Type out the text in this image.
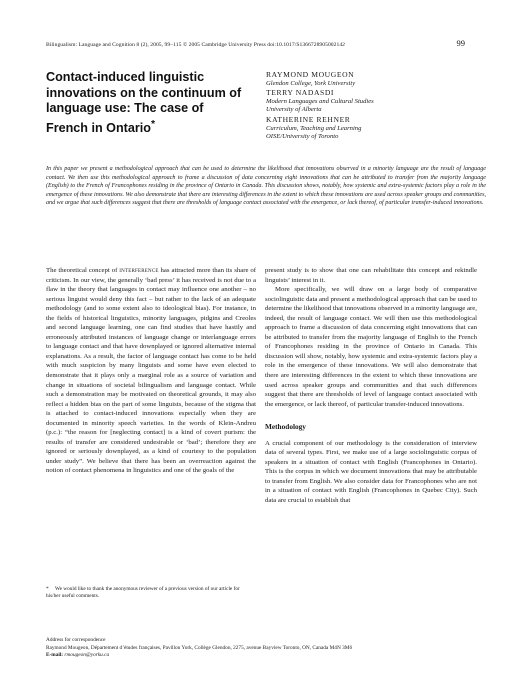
Bilingualism: Language and Cognition 8 (2), 2005, 99–115 © 2005 Cambridge University Press doi:10.1017/S1366728905002142	99
Contact-induced linguistic innovations on the continuum of language use: The case of French in Ontario*
RAYMOND MOUGEON
Glendon College, York University
TERRY NADASDI
Modern Languages and Cultural Studies
University of Alberta
KATHERINE REHNER
Curriculum, Teaching and Learning
OISE/University of Toronto
In this paper we present a methodological approach that can be used to determine the likelihood that innovations observed in a minority language are the result of language contact. We then use this methodological approach to frame a discussion of data concerning eight innovations that can be attributed to transfer from the majority language (English) to the French of Francophones residing in the province of Ontario in Canada. This discussion shows, notably, how systemic and extra-systemic factors play a role in the emergence of these innovations. We also demonstrate that there are interesting differences in the extent to which these innovations are used across speaker groups and communities, and we argue that such differences suggest that there are thresholds of language contact associated with the emergence, or lack thereof, of particular transfer-induced innovations.

The theoretical concept of interference has attracted more than its share of criticism. In our view, the generally ‘bad press’ it has received is not due to a flaw in the theory that languages in contact may influence one another – no serious linguist would deny this fact – but rather to the lack of an adequate methodology (and to some extent also to ideological bias). For instance, in the fields of historical linguistics, minority languages, pidgins and Creoles and second language learning, one can find studies that have hastily and erroneously attributed instances of language change or interlanguage errors to language contact and that have downplayed or ignored alternative internal explanations. As a result, the factor of language contact has come to be held with much suspicion by many linguists and some have even elected to demonstrate that it plays only a marginal role as a source of variation and change in situations of societal bilingualism and language contact. While such a demonstration may be motivated on theoretical grounds, it may also reflect a hidden bias on the part of some linguists, because of the stigma that is attached to contact-induced innovations especially when they are documented in minority speech varieties. In the words of Klein-Andreu (p.c.): “the reason for [neglecting contact] is a kind of covert purism: the results of transfer are considered undesirable or ‘bad’; therefore they are ignored or seriously downplayed, as a kind of courtesy to the population under study”. We believe that there has been an overreaction against the notion of contact phenomena in linguistics and one of the goals of the

present study is to show that one can rehabilitate this concept and rekindle linguists’ interest in it.

More specifically, we will draw on a large body of comparative sociolinguistic data and present a methodological approach that can be used to determine the likelihood that innovations observed in a minority language are, indeed, the result of language contact. We will then use this methodological approach to frame a discussion of data concerning eight innovations that can be attributed to transfer from the majority language of English to the French of Francophones residing in the province of Ontario in Canada. This discussion will show, notably, how systemic and extra-systemic factors play a role in the emergence of these innovations. We will also demonstrate that there are interesting differences in the extent to which these innovations are used across speaker groups and communities and that such differences suggest that there are thresholds of level of language contact associated with the emergence, or lack thereof, of particular transfer-induced innovations.

Methodology

A crucial component of our methodology is the consideration of interview data of several types. First, we make use of a large sociolinguistic corpus of speakers in a situation of contact with English (Francophones in Ontario). This is the corpus in which we document innovations that may be attributable to transfer from English. We also consider data for Francophones who are not in a situation of contact with English (Francophones in Quebec City). Such data are crucial to establish that

* We would like to thank the anonymous reviewer of a previous version of our article for his/her useful comments.
Address for correspondence
Raymond Mougeon, Département d’études françaises, Pavillon York, Collège Glendon, 2275, avenue Bayview Toronto, ON, Canada M4N 3M6
E-mail: rmougeon@yorku.ca
